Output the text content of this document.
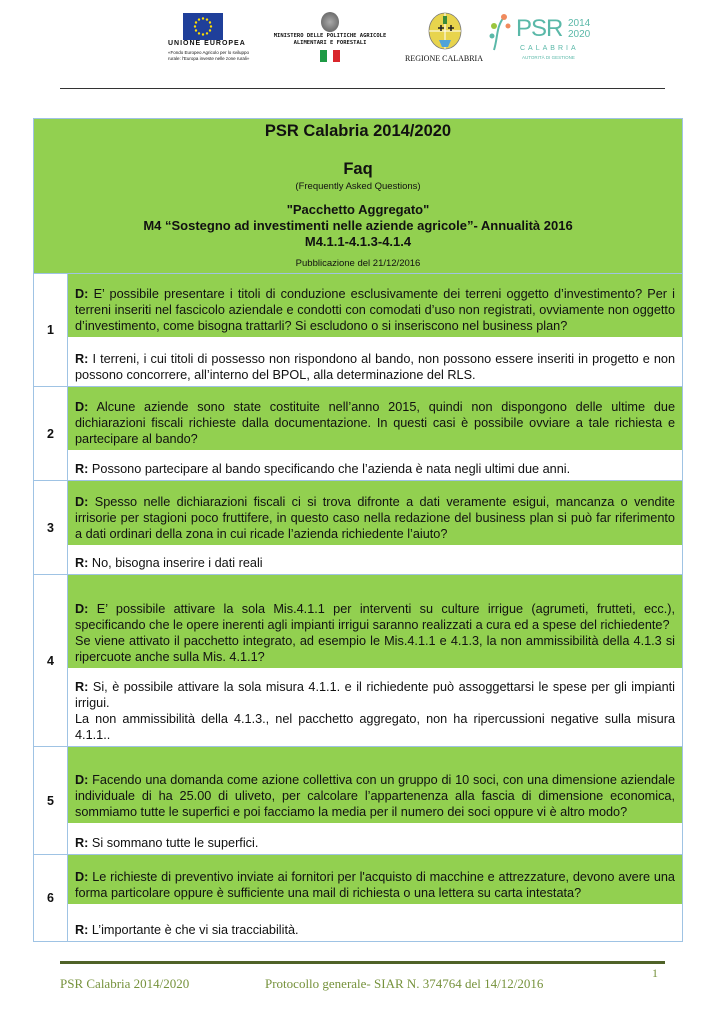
UNIONE EUROPEA
«Fondo Europeo Agricolo per lo sviluppo rurale: l'Europa investe nelle zone rurali»
MINISTERO DELLE POLITICHE AGRICOLE ALIMENTARI E FORESTALI
REGIONE CALABRIA
PSR 2014
2020
CALABRIA
AUTORITÀ DI GESTIONE
PSR Calabria 2014/2020
Faq
(Frequently Asked Questions)
"Pacchetto Aggregato"
M4 “Sostegno ad investimenti nelle aziende agricole”- Annualità 2016
M4.1.1-4.1.3-4.1.4
Pubblicazione del 21/12/2016
1
D: E’ possibile presentare i titoli di conduzione esclusivamente dei terreni oggetto d’investimento? Per i terreni inseriti nel fascicolo aziendale e condotti con comodati d’uso non registrati, ovviamente non oggetto d’investimento, come bisogna trattarli? Si escludono o si inseriscono nel business plan?
R: I terreni, i cui titoli di possesso non rispondono al bando, non possono essere inseriti in progetto e non possono concorrere, all’interno del BPOL, alla determinazione del RLS.
2
D: Alcune aziende sono state costituite nell’anno 2015, quindi non dispongono delle ultime due dichiarazioni fiscali richieste dalla documentazione. In questi casi è possibile ovviare a tale richiesta e partecipare al bando?
R: Possono partecipare al bando specificando che l’azienda è nata negli ultimi due anni.
3
D: Spesso nelle dichiarazioni fiscali ci si trova difronte a dati veramente esigui, mancanza o vendite irrisorie per stagioni poco fruttifere, in questo caso nella redazione del business plan si può far riferimento a dati ordinari della zona in cui ricade l’azienda richiedente l’aiuto?
R: No, bisogna inserire i dati reali
4
D: E’ possibile attivare la sola Mis.4.1.1 per interventi su culture irrigue (agrumeti, frutteti, ecc.), specificando che le opere inerenti agli impianti irrigui saranno realizzati a cura ed a spese del richiedente?
Se viene attivato il pacchetto integrato, ad esempio le Mis.4.1.1 e 4.1.3, la non ammissibilità della 4.1.3 si ripercuote anche sulla Mis. 4.1.1?
R: Si, è possibile attivare la sola misura 4.1.1. e il richiedente può assoggettarsi le spese per gli impianti irrigui.
La non ammissibilità della 4.1.3., nel pacchetto aggregato, non ha ripercussioni negative sulla misura 4.1.1..
5
D: Facendo una domanda come azione collettiva con un gruppo di 10 soci, con una dimensione aziendale individuale di ha 25.00 di uliveto, per calcolare l’appartenenza alla fascia di dimensione economica, sommiamo tutte le superfici e poi facciamo la media per il numero dei soci oppure vi è altro modo?
R: Si sommano tutte le superfici.
6
D: Le richieste di preventivo inviate ai fornitori per l'acquisto di macchine e attrezzature, devono avere una forma particolare oppure è sufficiente una mail di richiesta o una lettera su carta intestata?
R: L’importante è che vi sia tracciabilità.
PSR Calabria 2014/2020	Protocollo generale- SIAR N. 374764 del 14/12/2016
1
